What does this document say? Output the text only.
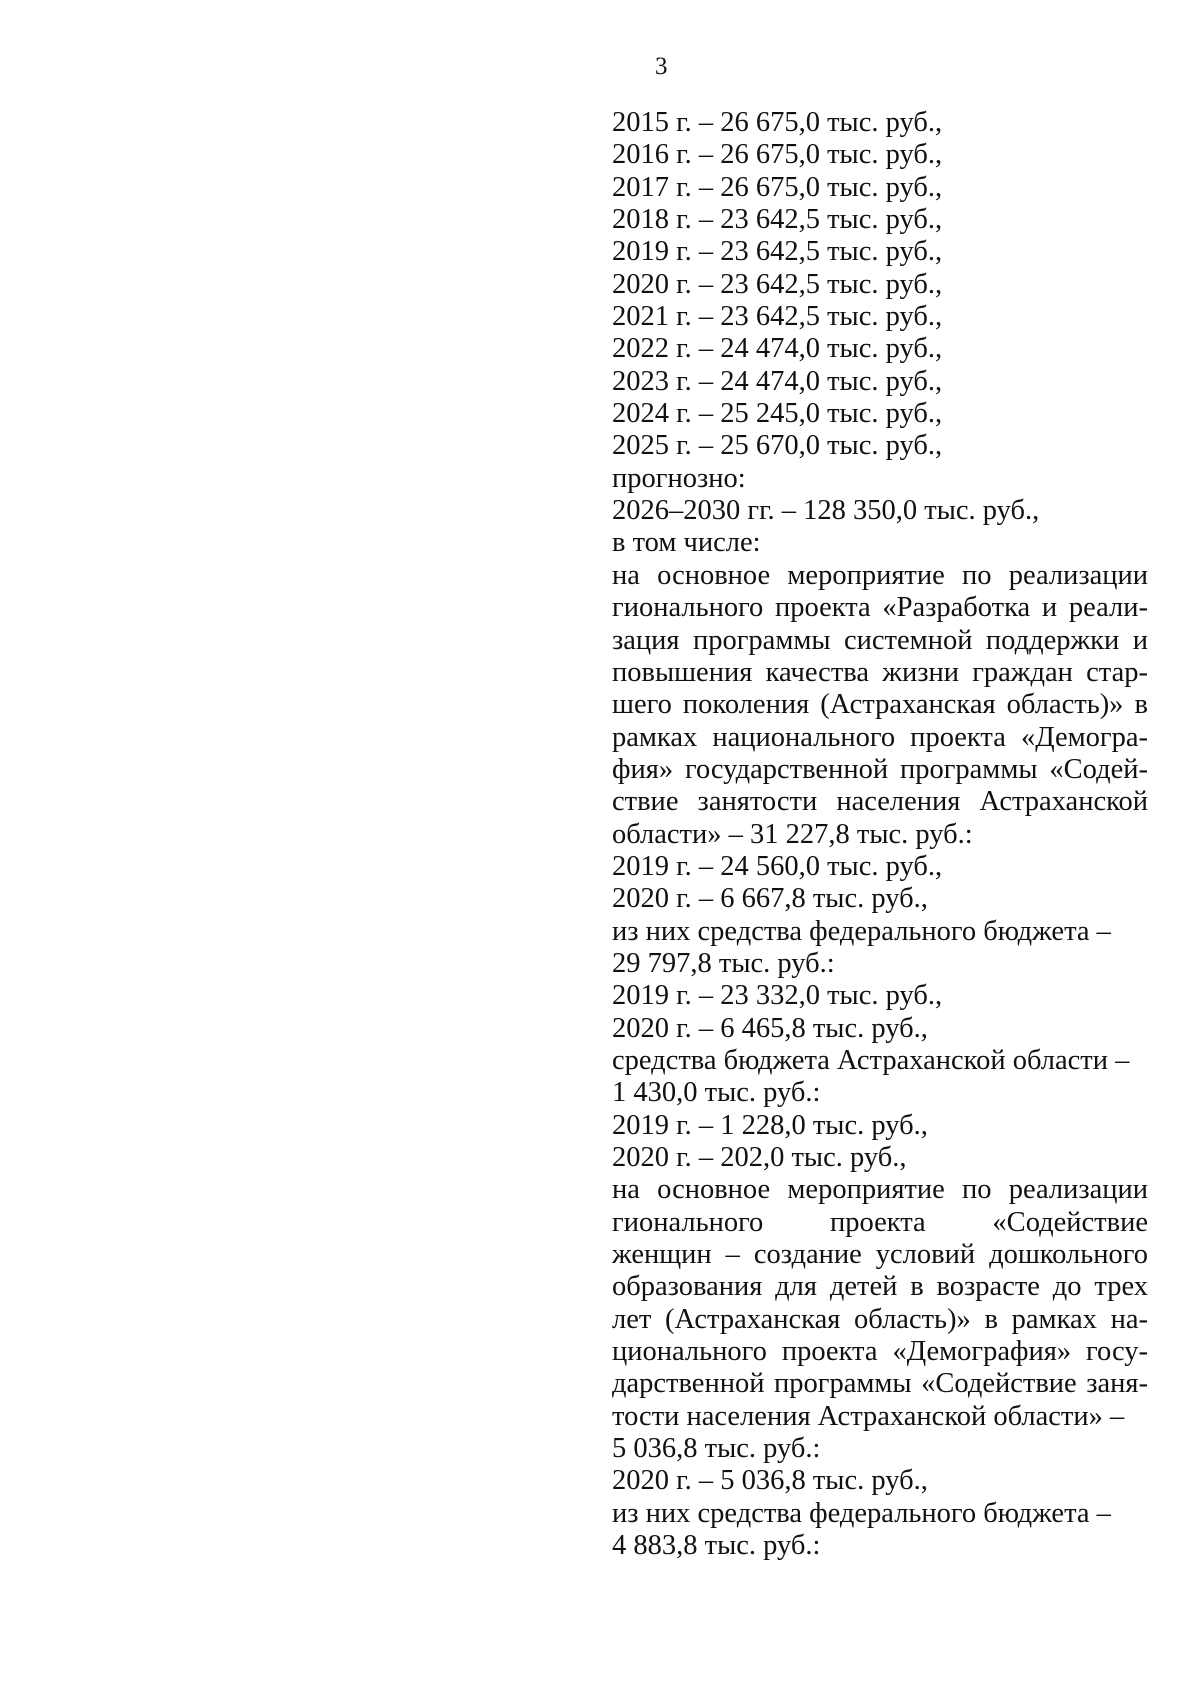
3
2015 г. – 26 675,0 тыс. руб.,
2016 г. – 26 675,0 тыс. руб.,
2017 г. – 26 675,0 тыс. руб.,
2018 г. – 23 642,5 тыс. руб.,
2019 г. – 23 642,5 тыс. руб.,
2020 г. – 23 642,5 тыс. руб.,
2021 г. – 23 642,5 тыс. руб.,
2022 г. – 24 474,0 тыс. руб.,
2023 г. – 24 474,0 тыс. руб.,
2024 г. – 25 245,0 тыс. руб.,
2025 г. – 25 670,0 тыс. руб.,
прогнозно:
2026–2030 гг. – 128 350,0 тыс. руб.,
в том числе:
на основное мероприятие по реализации
гионального проекта «Разработка и реали-
зация программы системной поддержки и
повышения качества жизни граждан стар-
шего поколения (Астраханская область)» в
рамках национального проекта «Демогра-
фия» государственной программы «Содей-
ствие занятости населения Астраханской
области» – 31 227,8 тыс. руб.:
2019 г. – 24 560,0 тыс. руб.,
2020 г. – 6 667,8 тыс. руб.,
из них средства федерального бюджета –
29 797,8 тыс. руб.:
2019 г. – 23 332,0 тыс. руб.,
2020 г. – 6 465,8 тыс. руб.,
средства бюджета Астраханской области –
1 430,0 тыс. руб.:
2019 г. – 1 228,0 тыс. руб.,
2020 г. – 202,0 тыс. руб.,
на основное мероприятие по реализации
гионального проекта «Содействие
женщин – создание условий дошкольного
образования для детей в возрасте до трех
лет (Астраханская область)» в рамках на-
ционального проекта «Демография» госу-
дарственной программы «Содействие заня-
тости населения Астраханской области» –
5 036,8 тыс. руб.:
2020 г. – 5 036,8 тыс. руб.,
из них средства федерального бюджета –
4 883,8 тыс. руб.:
